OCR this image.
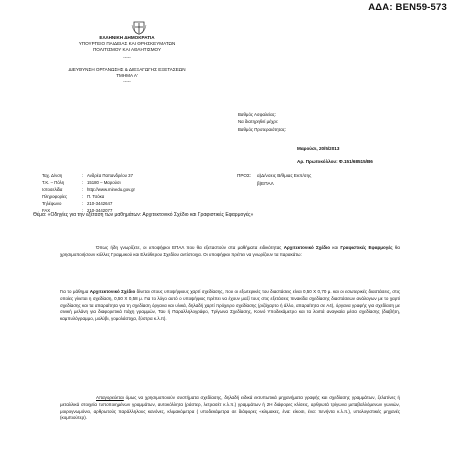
ΑΔΑ: ΒΕΝ59-573
ΕΛΛΗΝΙΚΗ ΔΗΜΟΚΡΑΤΙΑ
ΥΠΟΥΡΓΕΙΟ ΠΑΙΔΕΙΑΣ ΚΑΙ ΘΡΗΣΚΕΥΜΑΤΩΝ
ΠΟΛΙΤΙΣΜΟΥ ΚΑΙ ΑΘΛΗΤΙΣΜΟΥ
-----
ΔΙΕΥΘΥΝΣΗ ΟΡΓΑΝΩΣΗΣ & ΔΙΕΞΑΓΩΓΗΣ ΕΞΕΤΑΣΕΩΝ
ΤΜΗΜΑ Α'
-----
Βαθμός Ασφαλείας:
Να διατηρηθεί μέχρι:
Βαθμός Προτεραιότητας:
Μαρούσι, 20/5/2013
Αρ. Πρωτοκόλλου: Φ.151/68515/Β6
Ταχ. Δ/νση	: Ανδρέα Παπανδρέου 37
Τ.Κ. – Πόλη	: 15180 – Μαρούσι
Ιστοσελίδα	: http://www.minedu.gov.gr
Πληροφορίες	: Π. Τσόκα
Τηλέφωνο	: 210-3442647
FAX	: 210-3442077
ΠΡΟΣ:	α)Δ/νσεις Β/θμιας Εκπ/σης
β)ΕΠΑΛ
Θέμα: «Οδηγίες για την εξέταση των μαθημάτων: Αρχιτεκτονικό Σχέδιο και Γραφιστικές Εφαρμογές»
Όπως ήδη γνωρίζετε, οι υποψήφιοι ΕΠΑΛ που θα εξεταστούν στα μαθήματα ειδικότητας Αρχιτεκτονικό Σχέδιο και Γραφιστικές Εφαρμογές θα χρησιμοποιήσουν κόλλες Γραμμικού και Ελεύθερου Σχεδίου αντίστοιχα. Οι υποψήφιοι πρέπει να γνωρίζουν τα παρακάτω:
Για το μάθημα Αρχιτεκτονικό Σχέδιο δίνεται στους υποψήφιους χαρτί σχεδίασης, που οι εξωτερικές του διαστάσεις είναι 0,50 Χ 0,70 μ. και οι εσωτερικές διαστάσεις, στις οποίες γίνεται η σχεδίαση, 0,50 Χ 0,58 μ. Για το λόγο αυτό ο υποψήφιος πρέπει να έχουν μαζί τους στις εξετάσεις πινακίδα σχεδίασης διαστάσεων ανάλογων με το χαρτί σχεδίασης και τα απαραίτητα για τη σχεδίαση όργανα και υλικά, δηλαδή χαρτί πρόχειρο σχεδίασης (ριζόχαρτο ή άλλο, απαραίτητα σε Α4), όργανα γραφής για σχεδίαση με σινική μελάνη για διαφορετικά πάχη γραμμών, Ταυ ή Παραλληλογράφο, Τρίγωνα Σχεδίασης, Κοινό Υποδεκάμετρο και τα λοιπά αναγκαία μέσα σχεδίασης (διαβήτη, καμπυλόγραμμο, μολύβι, γομολάστιχα, ξύστρα κ.λ.π).
Απαγορεύεται όμως να χρησιμοποιούν συστήματα σχεδίασης, δηλαδή ειδικά εκτυπωτικά μηχανήματα γραφής και σχεδίασης γραμμάτων, ζελατίνες ή μεταλλικά στοιχεία τυποποιημένων γραμμάτων, αυτοκόλλητα (ράστερ, λετρασέτ κ.λ.π.) γραμμάτων ή 2Η διάφορες κλίσεις, αρθρωτά τρίγωνα μεταβαλλόμενων γωνιών, μοιρογνωμόνιο, αρθρωτούς παράλληλους κανόνες, κλιμακόμετρα ( υποδεκάμετρα σε διάφορες «κλιμακες, ένα: είκοσι, ένα: πενήντα κ.λ.π.), υπολογιστικές μηχανές (κομπιούτερ).
